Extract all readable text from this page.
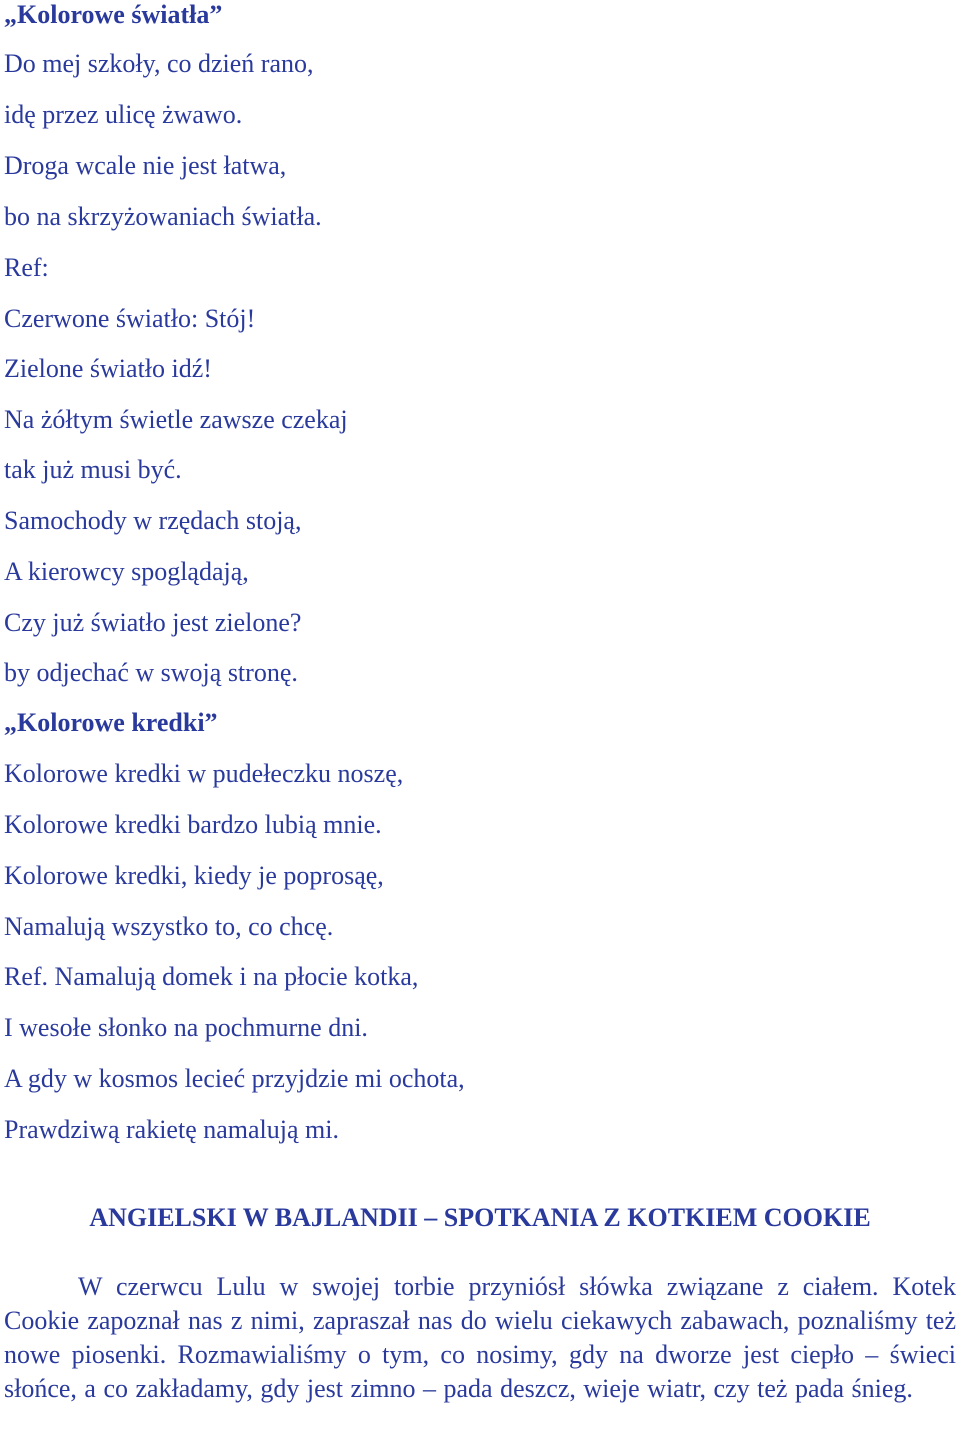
„Kolorowe światła”
Do mej szkoły, co dzień rano,
idę przez ulicę żwawo.
Droga wcale nie jest łatwa,
bo na skrzyżowaniach światła.
Ref:
Czerwone światło: Stój!
Zielone światło idź!
Na żółtym świetle zawsze czekaj
tak już musi być.
Samochody w rzędach stoją,
A kierowcy spoglądają,
Czy już światło jest zielone?
by odjechać w swoją stronę.
„Kolorowe kredki”
Kolorowe kredki w pudełeczku noszę,
Kolorowe kredki bardzo lubią mnie.
Kolorowe kredki, kiedy je poprosąę,
Namalują wszystko to, co chcę.
Ref. Namalują domek i na płocie kotka,
I wesołe słonko na pochmurne dni.
A gdy w kosmos lecieć przyjdzie mi ochota,
Prawdziwą rakietę namalują mi.
ANGIELSKI W BAJLANDII – SPOTKANIA Z KOTKIEM COOKIE
W czerwcu Lulu w swojej torbie przyniósł słówka związane z ciałem. Kotek Cookie zapoznał nas z nimi, zapraszał nas do wielu ciekawych zabawach, poznaliśmy też nowe piosenki. Rozmawialiśmy o tym, co nosimy, gdy na dworze jest ciepło – świeci słońce, a co zakładamy, gdy jest zimno – pada deszcz, wieje wiatr, czy też pada śnieg.
